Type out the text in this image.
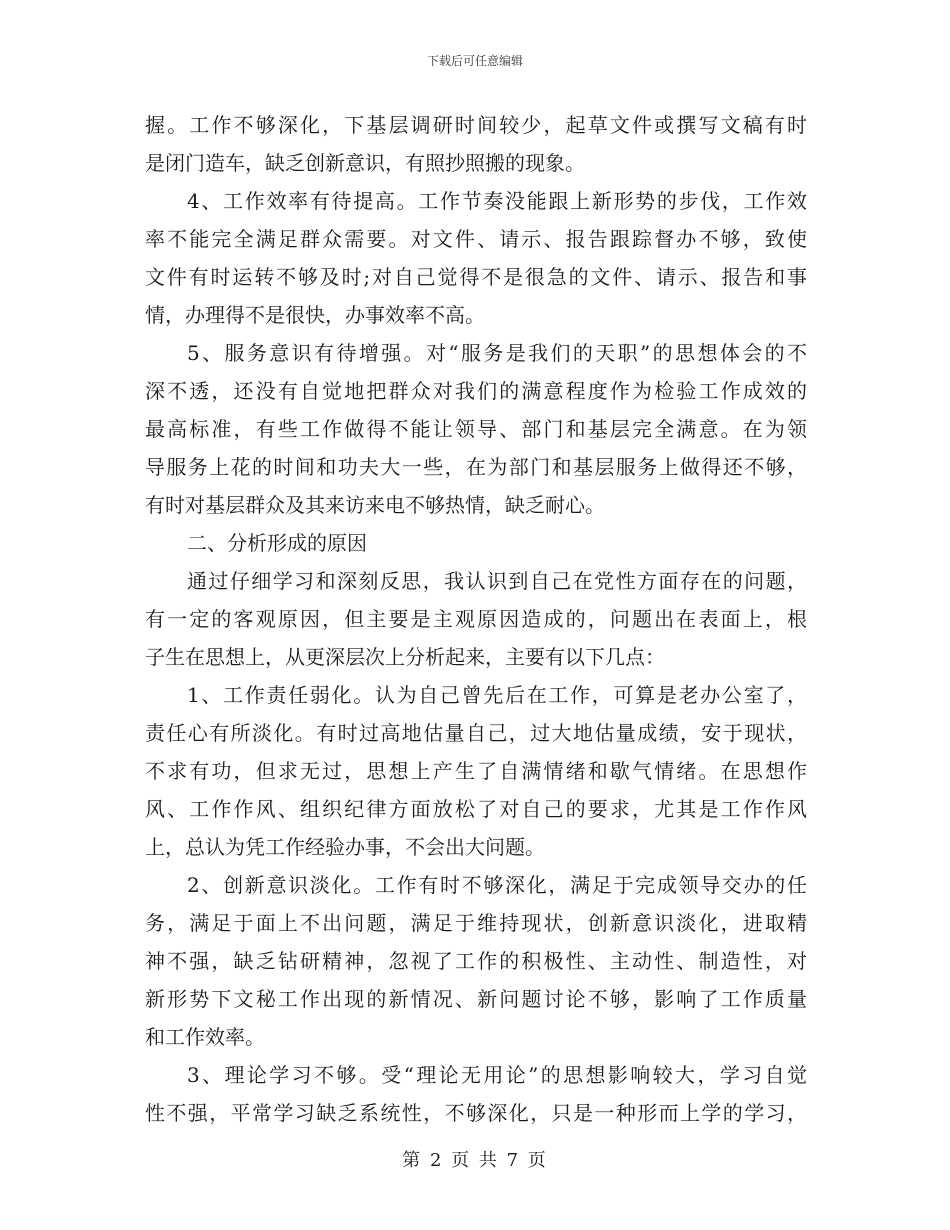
下载后可任意编辑
握。工作不够深化，下基层调研时间较少，起草文件或撰写文稿有时
是闭门造车，缺乏创新意识，有照抄照搬的现象。
4、工作效率有待提高。工作节奏没能跟上新形势的步伐，工作效
率不能完全满足群众需要。对文件、请示、报告跟踪督办不够，致使
文件有时运转不够及时;对自己觉得不是很急的文件、请示、报告和事
情，办理得不是很快，办事效率不高。
5、服务意识有待增强。对“服务是我们的天职”的思想体会的不
深不透，还没有自觉地把群众对我们的满意程度作为检验工作成效的
最高标准，有些工作做得不能让领导、部门和基层完全满意。在为领
导服务上花的时间和功夫大一些，在为部门和基层服务上做得还不够，
有时对基层群众及其来访来电不够热情，缺乏耐心。
二、分析形成的原因
通过仔细学习和深刻反思，我认识到自己在党性方面存在的问题，
有一定的客观原因，但主要是主观原因造成的，问题出在表面上，根
子生在思想上，从更深层次上分析起来，主要有以下几点：
1、工作责任弱化。认为自己曾先后在工作，可算是老办公室了，
责任心有所淡化。有时过高地估量自己，过大地估量成绩，安于现状，
不求有功，但求无过，思想上产生了自满情绪和歇气情绪。在思想作
风、工作作风、组织纪律方面放松了对自己的要求，尤其是工作作风
上，总认为凭工作经验办事，不会出大问题。
2、创新意识淡化。工作有时不够深化，满足于完成领导交办的任
务，满足于面上不出问题，满足于维持现状，创新意识淡化，进取精
神不强，缺乏钻研精神，忽视了工作的积极性、主动性、制造性，对
新形势下文秘工作出现的新情况、新问题讨论不够，影响了工作质量
和工作效率。
3、理论学习不够。受“理论无用论”的思想影响较大，学习自觉
性不强，平常学习缺乏系统性，不够深化，只是一种形而上学的学习，
第 2 页 共 7 页
